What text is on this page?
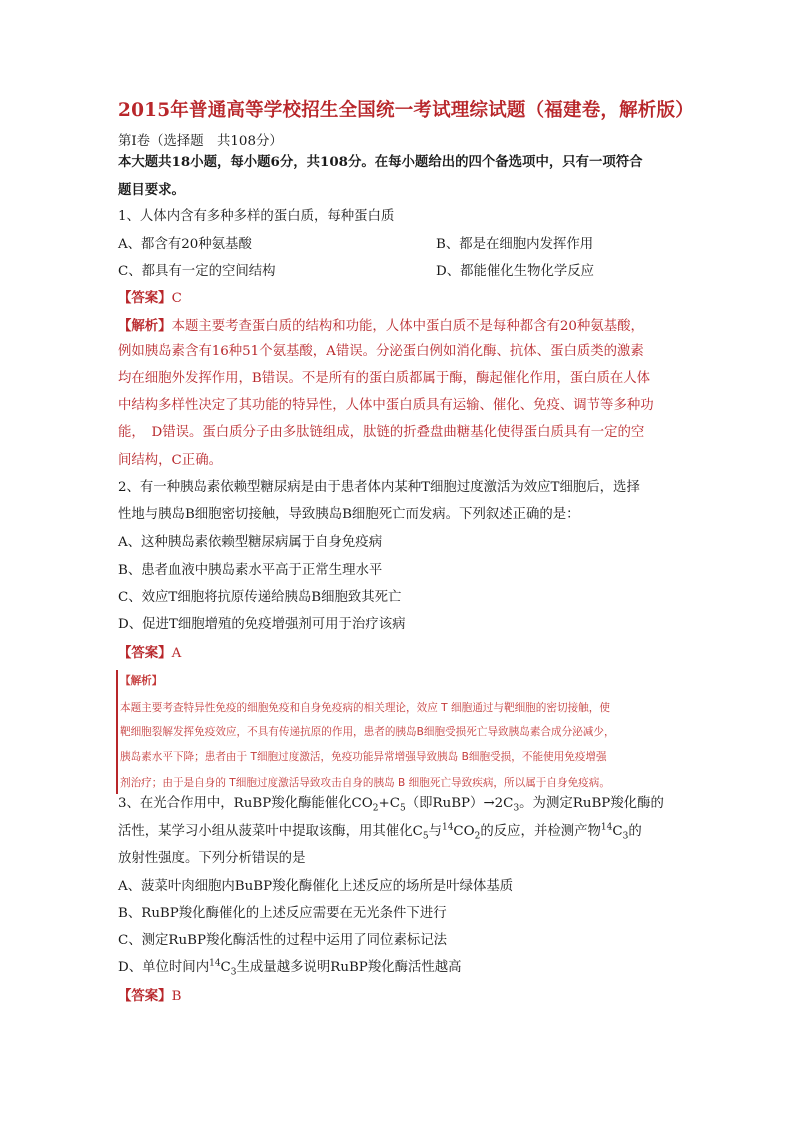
2015年普通高等学校招生全国统一考试理综试题（福建卷，解析版）
第Ⅰ卷（选择题　共108分）
本大题共18小题，每小题6分，共108分。在每小题给出的四个备选项中，只有一项符合
题目要求。
1、人体内含有多种多样的蛋白质，每种蛋白质
A、都含有20种氨基酸	B、都是在细胞内发挥作用
C、都具有一定的空间结构	D、都能催化生物化学反应
【答案】C
【解析】本题主要考查蛋白质的结构和功能，人体中蛋白质不是每种都含有20种氨基酸，
例如胰岛素含有16种51个氨基酸，A错误。分泌蛋白例如消化酶、抗体、蛋白质类的激素
均在细胞外发挥作用，B错误。不是所有的蛋白质都属于酶，酶起催化作用，蛋白质在人体
中结构多样性决定了其功能的特异性，人体中蛋白质具有运输、催化、免疫、调节等多种功
能，　D错误。蛋白质分子由多肽链组成，肽链的折叠盘曲糖基化使得蛋白质具有一定的空
间结构，C正确。
2、有一种胰岛素依赖型糖尿病是由于患者体内某种T细胞过度激活为效应T细胞后，选择
性地与胰岛B细胞密切接触，导致胰岛B细胞死亡而发病。下列叙述正确的是：
A、这种胰岛素依赖型糖尿病属于自身免疫病
B、患者血液中胰岛素水平高于正常生理水平
C、效应T细胞将抗原传递给胰岛B细胞致其死亡
D、促进T细胞增殖的免疫增强剂可用于治疗该病
【答案】A
【解析】
本题主要考查特异性免疫的细胞免疫和自身免疫病的相关理论，效应 T 细胞通过与靶细胞的密切接触，使
靶细胞裂解发挥免疫效应，不具有传递抗原的作用，患者的胰岛B细胞受损死亡导致胰岛素合成分泌减少，
胰岛素水平下降；患者由于 T细胞过度激活，免疫功能异常增强导致胰岛 B细胞受损，不能使用免疫增强
剂治疗；由于是自身的 T细胞过度激活导致攻击自身的胰岛 B 细胞死亡导致疾病，所以属于自身免疫病。
3、在光合作用中，RuBP羧化酶能催化$CO_2+C_5$（即$RuBP)\to 2C_3$。为测定RuBP羧化酶的
活性，某学习小组从菠菜叶中提取该酶，用其催化$C_5$与$^{14}CO_2$的反应，并检测产物$^{14}C_3$的
放射性强度。下列分析错误的是
A、菠菜叶肉细胞内BuBP羧化酶催化上述反应的场所是叶绿体基质
B、RuBP羧化酶催化的上述反应需要在无光条件下进行
C、测定RuBP羧化酶活性的过程中运用了同位素标记法
D、单位时间内$^{14}C_3$生成量越多说明RuBP羧化酶活性越高
【答案】B
